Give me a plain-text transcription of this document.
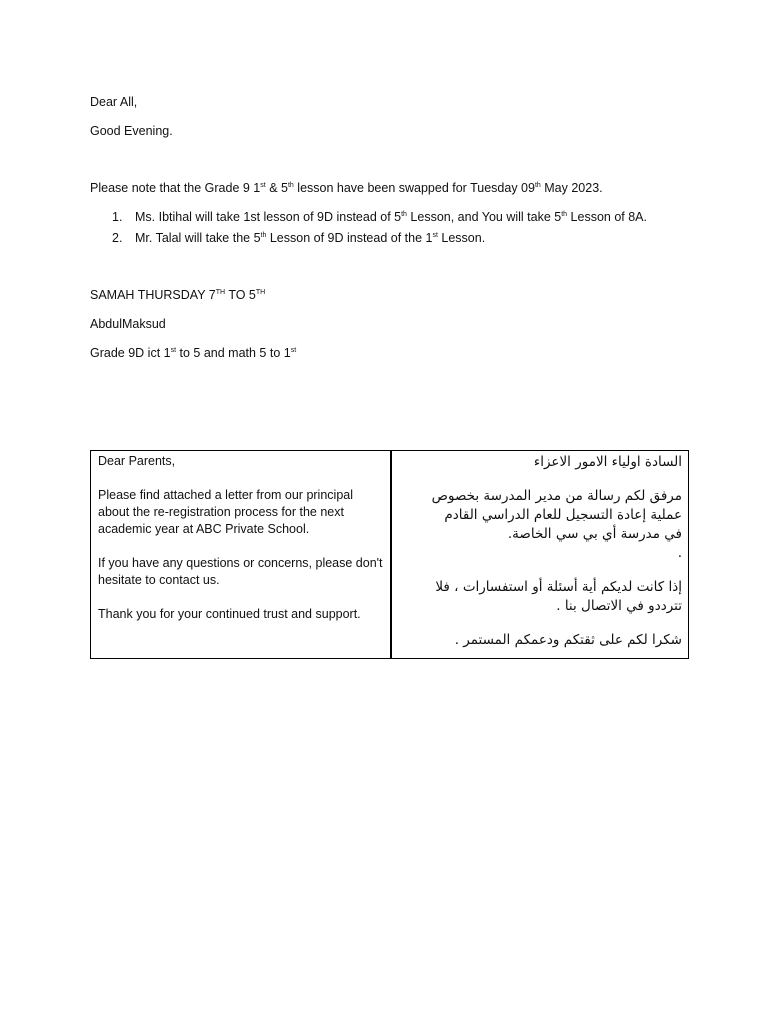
Dear All,
Good Evening.
Please note that the Grade 9 1st & 5th lesson have been swapped for Tuesday 09th May 2023.
1. Ms. Ibtihal will take 1st lesson of 9D instead of 5th Lesson, and You will take 5th Lesson of 8A.
2. Mr. Talal will take the 5th Lesson of 9D instead of the 1st Lesson.
SAMAH THURSDAY 7TH TO 5TH
AbdulMaksud
Grade 9D ict 1st to 5 and math 5 to 1st

Dear Parents,

Please find attached a letter from our principal about the re-registration process for the next academic year at ABC Private School.

If you have any questions or concerns, please don't hesitate to contact us.

Thank you for your continued trust and support.

السادة اولياء الامور الاعزاء

مرفق لكم رسالة من مدير المدرسة بخصوص

عملية إعادة التسجيل للعام الدراسي القادم

في مدرسة أي بي سي الخاصة.

.

إذا كانت لديكم أية أسئلة أو استفسارات ، فلا

تترددو في الاتصال بنا .

شكرا لكم على ثقتكم ودعمكم المستمر .
